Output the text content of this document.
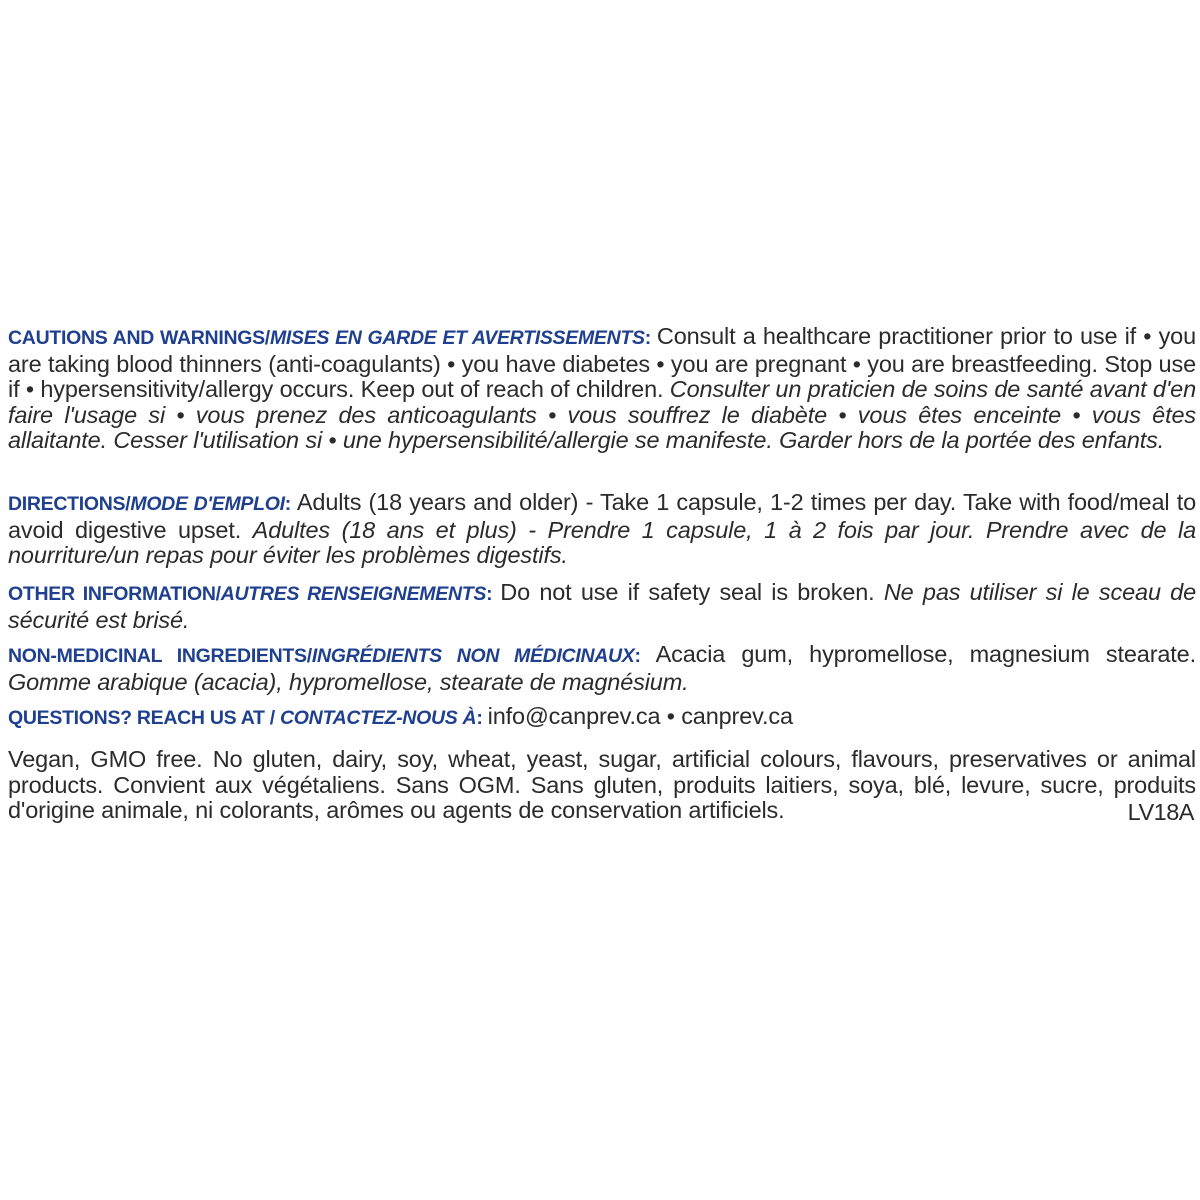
CAUTIONS AND WARNINGS/MISES EN GARDE ET AVERTISSEMENTS: Consult a healthcare practitioner prior to use if • you are taking blood thinners (anti-coagulants) • you have diabetes • you are pregnant • you are breastfeeding. Stop use if • hypersensitivity/allergy occurs. Keep out of reach of children. Consulter un praticien de soins de santé avant d'en faire l'usage si • vous prenez des anticoagulants • vous souffrez le diabète • vous êtes enceinte • vous êtes allaitante. Cesser l'utilisation si • une hypersensibilité/allergie se manifeste. Garder hors de la portée des enfants.
DIRECTIONS/MODE D'EMPLOI: Adults (18 years and older) - Take 1 capsule, 1-2 times per day. Take with food/meal to avoid digestive upset. Adultes (18 ans et plus) - Prendre 1 capsule, 1 à 2 fois par jour. Prendre avec de la nourriture/un repas pour éviter les problèmes digestifs.
OTHER INFORMATION/AUTRES RENSEIGNEMENTS: Do not use if safety seal is broken. Ne pas utiliser si le sceau de sécurité est brisé.
NON-MEDICINAL INGREDIENTS/INGRÉDIENTS NON MÉDICINAUX: Acacia gum, hypromellose, magnesium stearate. Gomme arabique (acacia), hypromellose, stearate de magnésium.
QUESTIONS? REACH US AT / CONTACTEZ-NOUS À: info@canprev.ca • canprev.ca
Vegan, GMO free. No gluten, dairy, soy, wheat, yeast, sugar, artificial colours, flavours, preservatives or animal products. Convient aux végétaliens. Sans OGM. Sans gluten, produits laitiers, soya, blé, levure, sucre, produits d'origine animale, ni colorants, arômes ou agents de conservation artificiels.	LV18A
